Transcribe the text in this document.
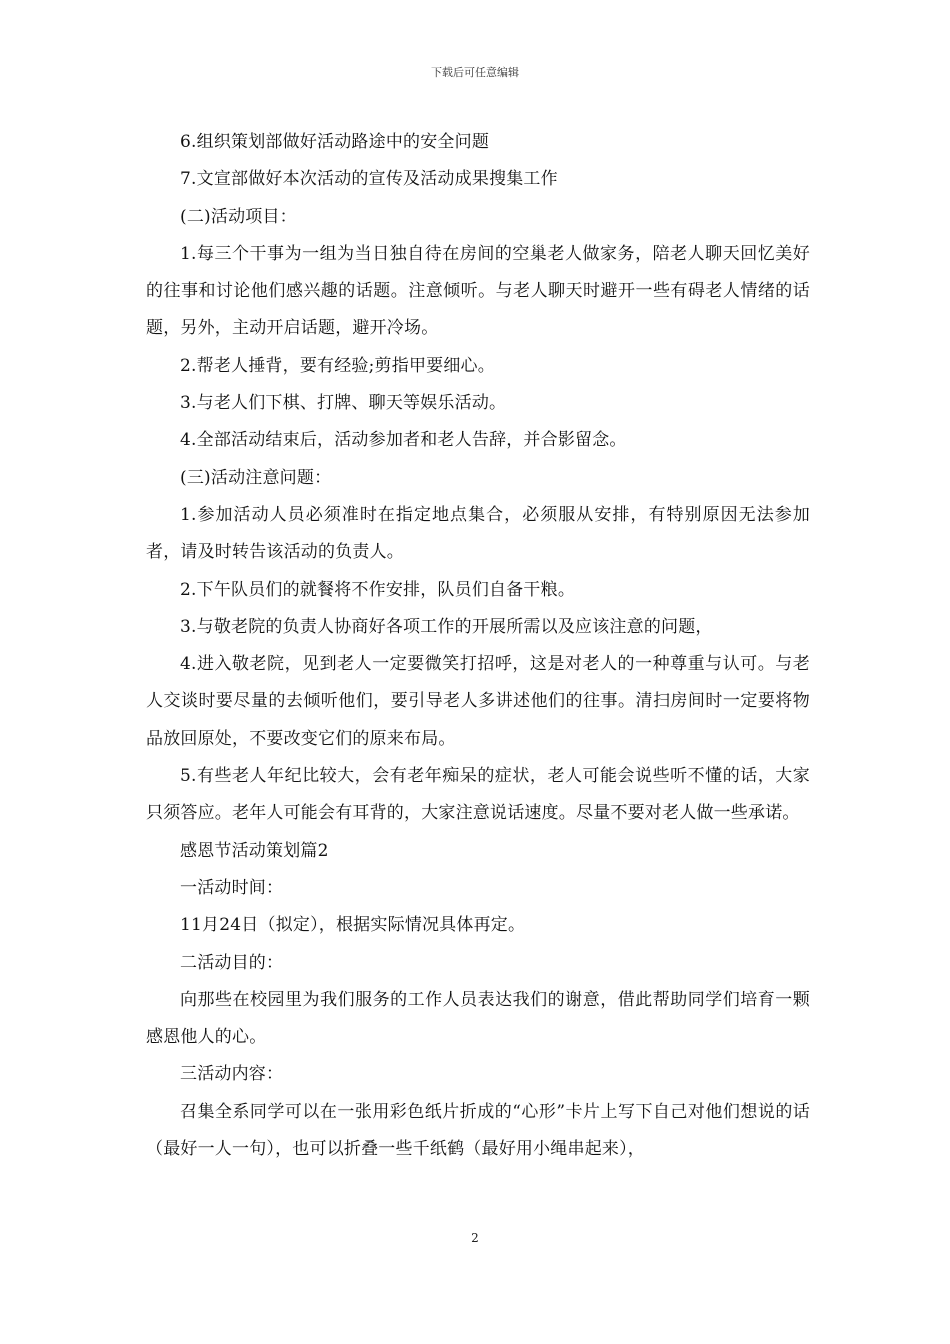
下载后可任意编辑

6.组织策划部做好活动路途中的安全问题

7.文宣部做好本次活动的宣传及活动成果搜集工作

(二)活动项目：

1.每三个干事为一组为当日独自待在房间的空巢老人做家务，陪老人聊天回忆美好的往事和讨论他们感兴趣的话题。注意倾听。与老人聊天时避开一些有碍老人情绪的话题，另外，主动开启话题，避开冷场。

2.帮老人捶背，要有经验;剪指甲要细心。

3.与老人们下棋、打牌、聊天等娱乐活动。

4.全部活动结束后，活动参加者和老人告辞，并合影留念。

(三)活动注意问题：

1.参加活动人员必须准时在指定地点集合，必须服从安排，有特别原因无法参加者，请及时转告该活动的负责人。

2.下午队员们的就餐将不作安排，队员们自备干粮。

3.与敬老院的负责人协商好各项工作的开展所需以及应该注意的问题，

4.进入敬老院，见到老人一定要微笑打招呼，这是对老人的一种尊重与认可。与老人交谈时要尽量的去倾听他们，要引导老人多讲述他们的往事。清扫房间时一定要将物品放回原处，不要改变它们的原来布局。

5.有些老人年纪比较大，会有老年痴呆的症状，老人可能会说些听不懂的话，大家只须答应。老年人可能会有耳背的，大家注意说话速度。尽量不要对老人做一些承诺。

感恩节活动策划篇2

一活动时间：

11月24日（拟定），根据实际情况具体再定。

二活动目的：

向那些在校园里为我们服务的工作人员表达我们的谢意，借此帮助同学们培育一颗感恩他人的心。

三活动内容：

召集全系同学可以在一张用彩色纸片折成的“心形”卡片上写下自己对他们想说的话（最好一人一句），也可以折叠一些千纸鹤（最好用小绳串起来），

2
